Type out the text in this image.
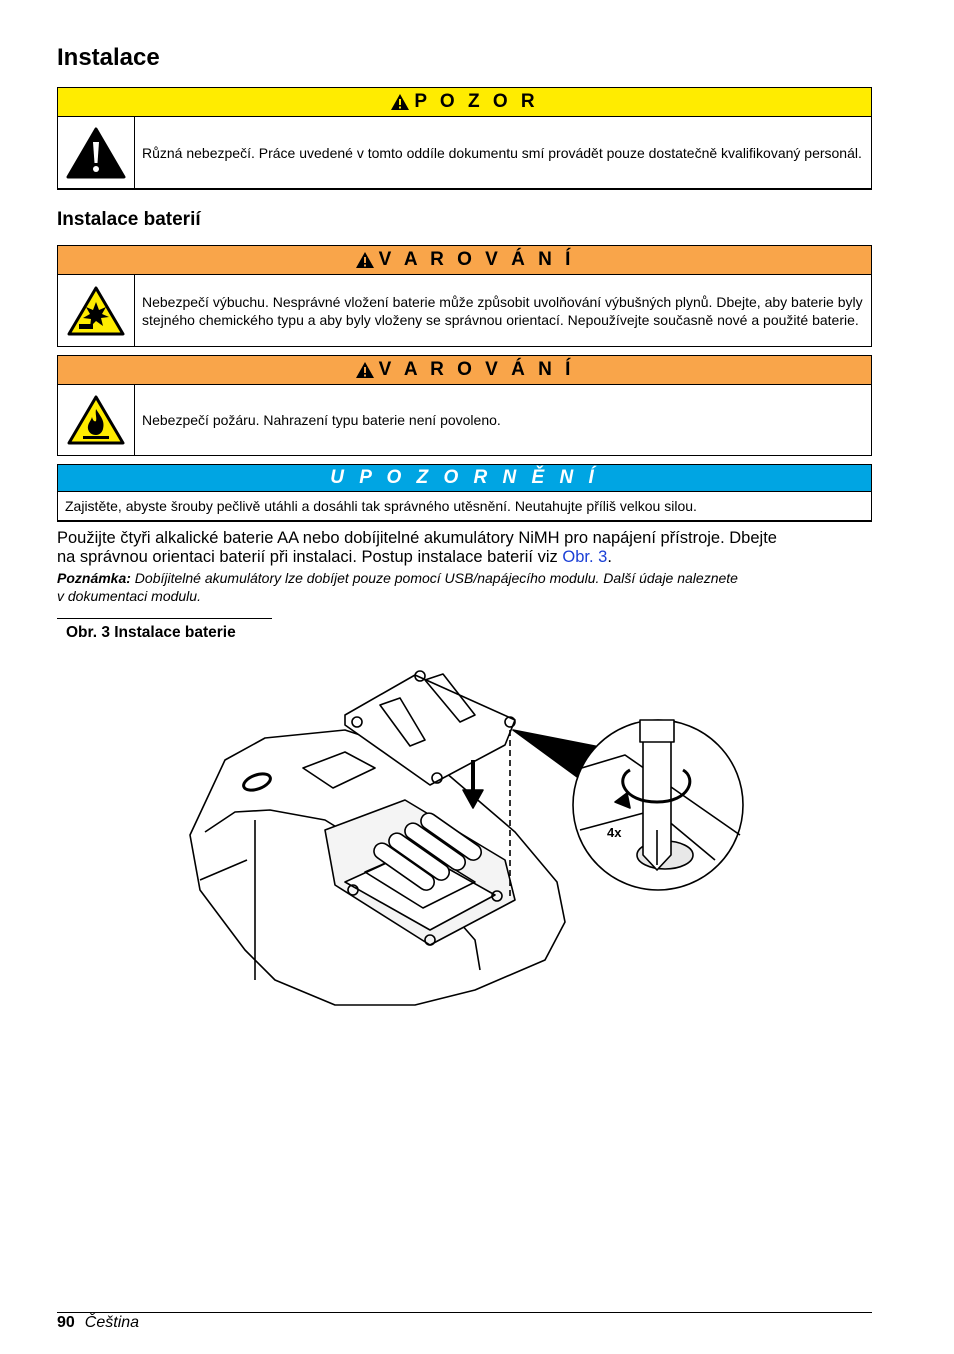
Instalace
P O Z O R
Různá nebezpečí. Práce uvedené v tomto oddíle dokumentu smí provádět pouze dostatečně kvalifikovaný personál.
Instalace baterií
V A R O V Á N Í
Nebezpečí výbuchu. Nesprávné vložení baterie může způsobit uvolňování výbušných plynů. Dbejte, aby baterie byly stejného chemického typu a aby byly vloženy se správnou orientací. Nepoužívejte současně nové a použité baterie.
V A R O V Á N Í
Nebezpečí požáru. Nahrazení typu baterie není povoleno.
U P O Z O R N Ě N Í
Zajistěte, abyste šrouby pečlivě utáhli a dosáhli tak správného utěsnění. Neutahujte příliš velkou silou.

Použijte čtyři alkalické baterie AA nebo dobíjitelné akumulátory NiMH pro napájení přístroje. Dbejte
na správnou orientaci baterií při instalaci. Postup instalace baterií viz Obr. 3.

Poznámka: Dobíjitelné akumulátory lze dobíjet pouze pomocí USB/napájecího modulu. Další údaje naleznete
v dokumentaci modulu.

Obr. 3 Instalace baterie
4x
90 Čeština
